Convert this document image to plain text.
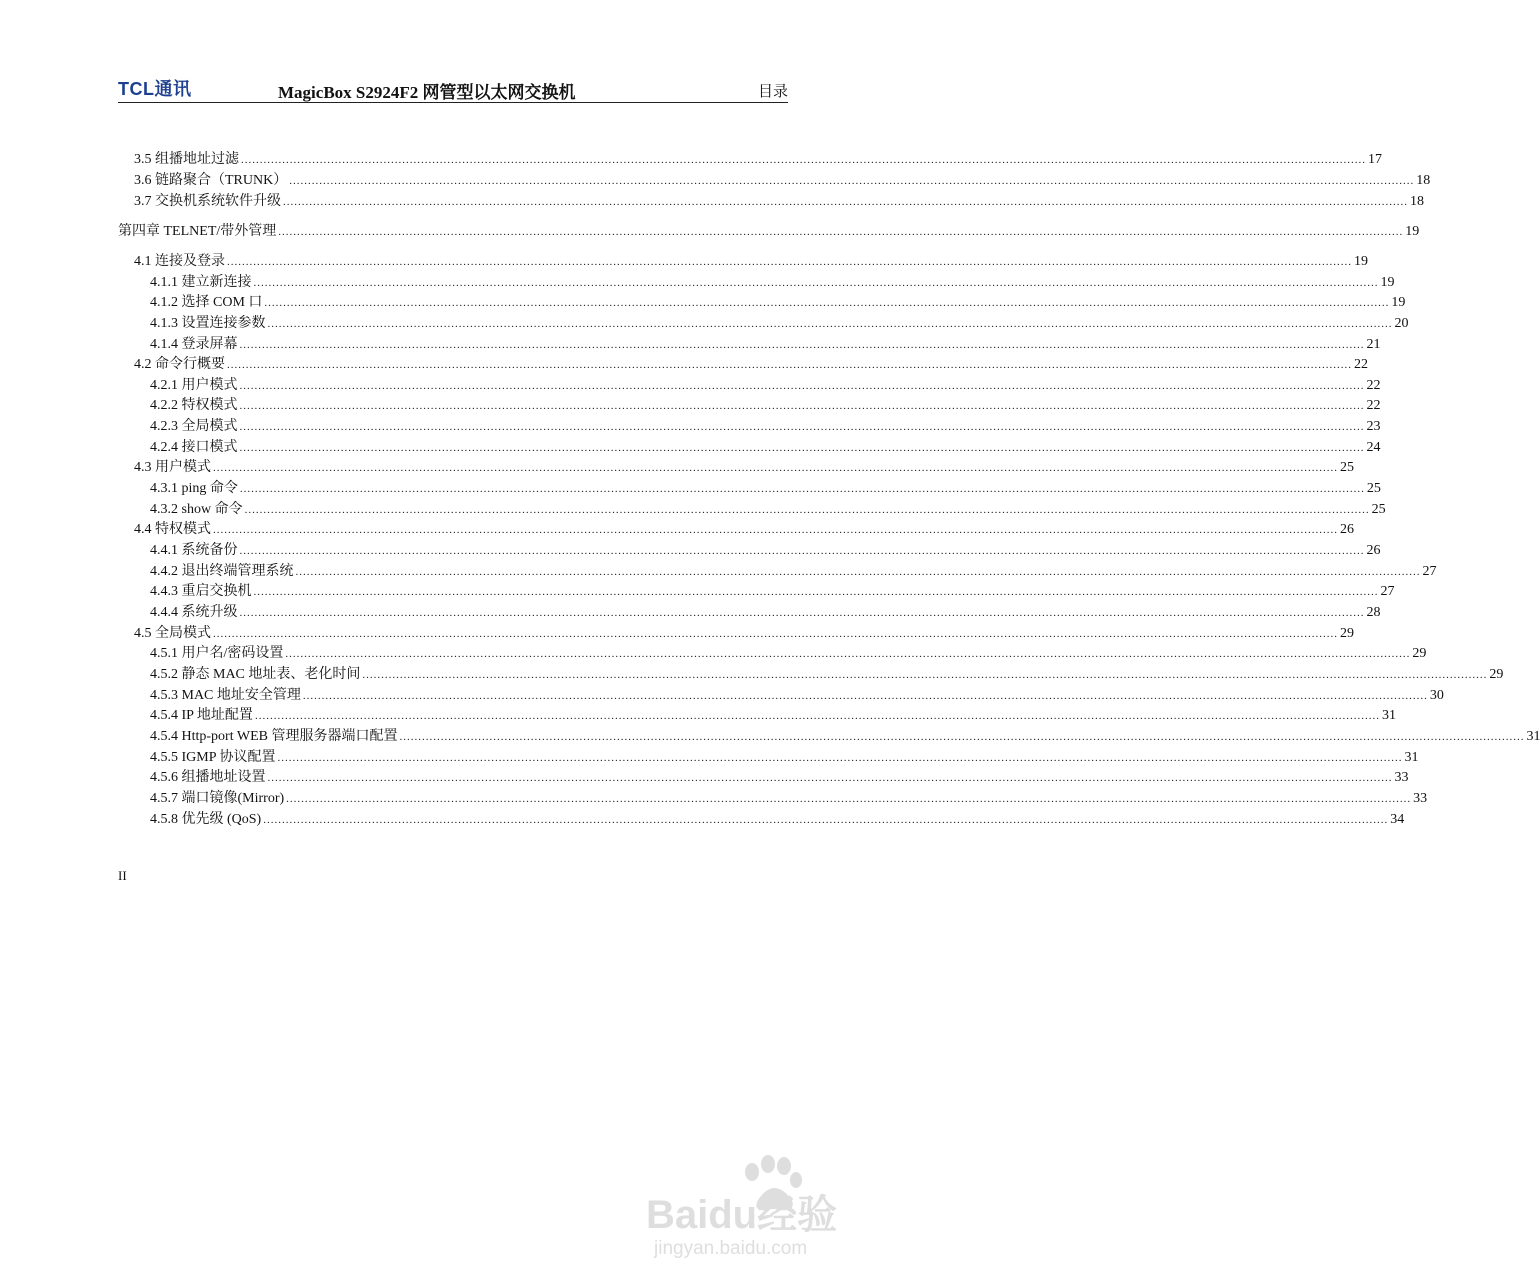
TCL通讯	MagicBox S2924F2 网管型以太网交换机	目录
3.5 组播地址过滤 ............................................................................................................................................................................................................................................................................................................ 17
3.6 链路聚合（TRUNK） ............................................................................................................................................................................................................................................................................................................ 18
3.7 交换机系统软件升级 ............................................................................................................................................................................................................................................................................................................ 18
第四章 TELNET/带外管理 ............................................................................................................................................................................................................................................................................................................ 19
4.1 连接及登录 ............................................................................................................................................................................................................................................................................................................ 19
4.1.1 建立新连接 ............................................................................................................................................................................................................................................................................................................ 19
4.1.2 选择 COM 口 ............................................................................................................................................................................................................................................................................................................ 19
4.1.3 设置连接参数 ............................................................................................................................................................................................................................................................................................................ 20
4.1.4 登录屏幕 ............................................................................................................................................................................................................................................................................................................ 21
4.2 命令行概要 ............................................................................................................................................................................................................................................................................................................ 22
4.2.1 用户模式 ............................................................................................................................................................................................................................................................................................................ 22
4.2.2 特权模式 ............................................................................................................................................................................................................................................................................................................ 22
4.2.3 全局模式 ............................................................................................................................................................................................................................................................................................................ 23
4.2.4 接口模式 ............................................................................................................................................................................................................................................................................................................ 24
4.3 用户模式 ............................................................................................................................................................................................................................................................................................................ 25
4.3.1 ping 命令 ............................................................................................................................................................................................................................................................................................................ 25
4.3.2 show 命令 ............................................................................................................................................................................................................................................................................................................ 25
4.4 特权模式 ............................................................................................................................................................................................................................................................................................................ 26
4.4.1 系统备份 ............................................................................................................................................................................................................................................................................................................ 26
4.4.2 退出终端管理系统 ............................................................................................................................................................................................................................................................................................................ 27
4.4.3 重启交换机 ............................................................................................................................................................................................................................................................................................................ 27
4.4.4 系统升级 ............................................................................................................................................................................................................................................................................................................ 28
4.5 全局模式 ............................................................................................................................................................................................................................................................................................................ 29
4.5.1 用户名/密码设置 ............................................................................................................................................................................................................................................................................................................ 29
4.5.2 静态 MAC 地址表、老化时间 ............................................................................................................................................................................................................................................................................................................ 29
4.5.3 MAC 地址安全管理 ............................................................................................................................................................................................................................................................................................................ 30
4.5.4 IP 地址配置 ............................................................................................................................................................................................................................................................................................................ 31
4.5.4 Http-port WEB 管理服务器端口配置 ............................................................................................................................................................................................................................................................................................................ 31
4.5.5 IGMP 协议配置 ............................................................................................................................................................................................................................................................................................................ 31
4.5.6 组播地址设置 ............................................................................................................................................................................................................................................................................................................ 33
4.5.7 端口镜像(Mirror) ............................................................................................................................................................................................................................................................................................................ 33
4.5.8 优先级 (QoS) ............................................................................................................................................................................................................................................................................................................ 34
II
Baidu经验
jingyan.baidu.com
